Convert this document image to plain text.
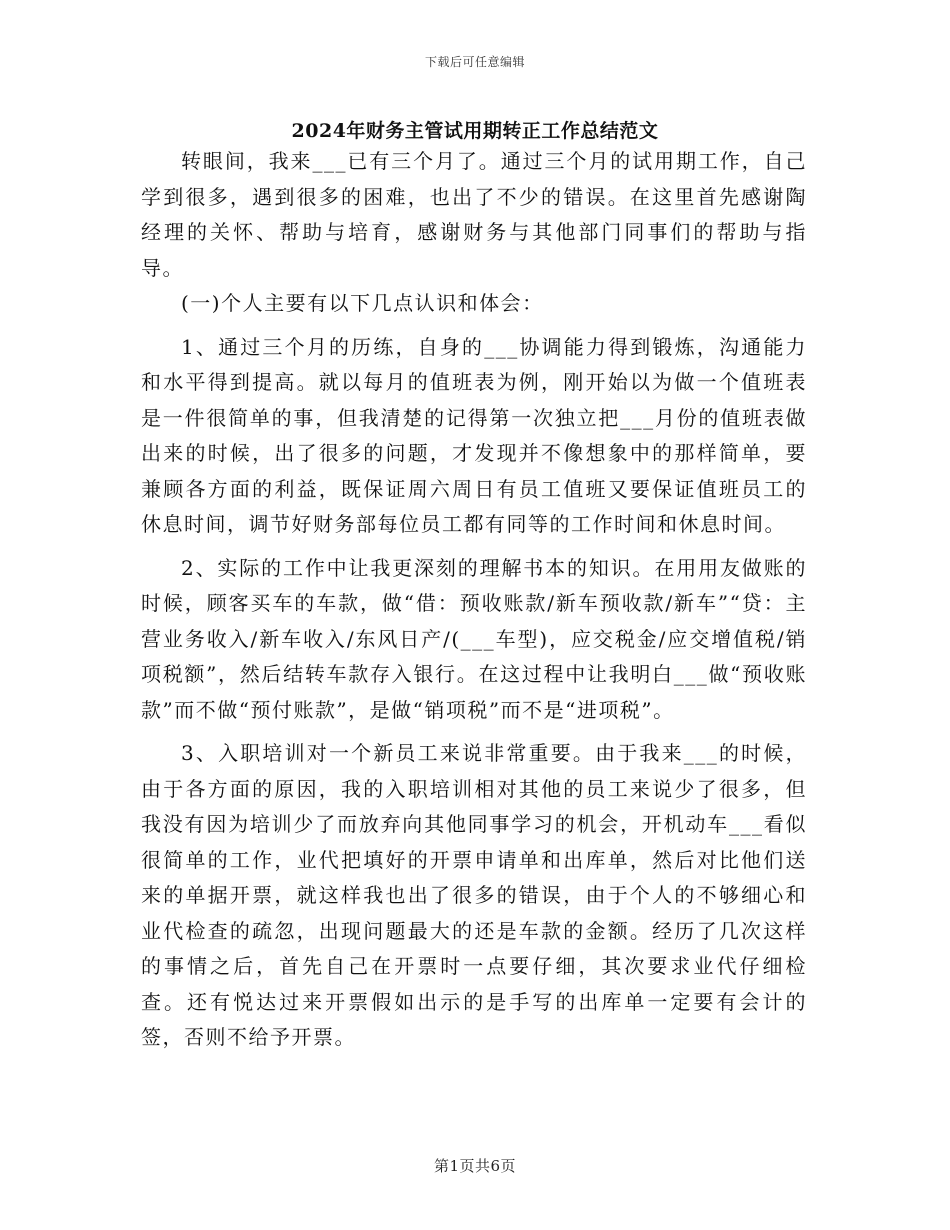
下载后可任意编辑
2024年财务主管试用期转正工作总结范文

转眼间，我来___已有三个月了。通过三个月的试用期工作，自己学到很多，遇到很多的困难，也出了不少的错误。在这里首先感谢陶经理的关怀、帮助与培育，感谢财务与其他部门同事们的帮助与指导。

(一)个人主要有以下几点认识和体会：

1、通过三个月的历练，自身的___协调能力得到锻炼，沟通能力和水平得到提高。就以每月的值班表为例，刚开始以为做一个值班表是一件很简单的事，但我清楚的记得第一次独立把___月份的值班表做出来的时候，出了很多的问题，才发现并不像想象中的那样简单，要兼顾各方面的利益，既保证周六周日有员工值班又要保证值班员工的休息时间，调节好财务部每位员工都有同等的工作时间和休息时间。

2、实际的工作中让我更深刻的理解书本的知识。在用用友做账的时候，顾客买车的车款，做“借：预收账款/新车预收款/新车”“贷：主营业务收入/新车收入/东风日产/(___车型)，应交税金/应交增值税/销项税额”，然后结转车款存入银行。在这过程中让我明白___做“预收账款”而不做“预付账款”，是做“销项税”而不是“进项税”。

3、入职培训对一个新员工来说非常重要。由于我来___的时候，由于各方面的原因，我的入职培训相对其他的员工来说少了很多，但我没有因为培训少了而放弃向其他同事学习的机会，开机动车___看似很简单的工作，业代把填好的开票申请单和出库单，然后对比他们送来的单据开票，就这样我也出了很多的错误，由于个人的不够细心和业代检查的疏忽，出现问题最大的还是车款的金额。经历了几次这样的事情之后，首先自己在开票时一点要仔细，其次要求业代仔细检查。还有悦达过来开票假如出示的是手写的出库单一定要有会计的签，否则不给予开票。

第1页共6页
